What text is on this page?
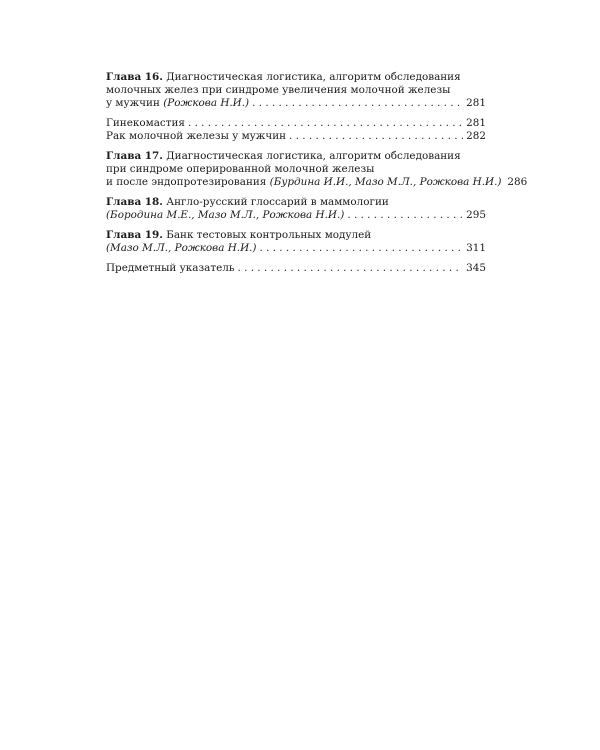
Глава 16. Диагностическая логистика, алгоритм обследования
молочных желез при синдроме увеличения молочной железы
у мужчин (Рожкова Н.И.) . . .	281
Гинекомастия . . .	281
Рак молочной железы у мужчин . . .	282
Глава 17. Диагностическая логистика, алгоритм обследования
при синдроме оперированной молочной железы
и после эндопротезирования (Бурдина И.И., Мазо М.Л., Рожкова Н.И.) 286
Глава 18. Англо-русский глоссарий в маммологии
(Бородина М.Е., Мазо М.Л., Рожкова Н.И.) . . .	295
Глава 19. Банк тестовых контрольных модулей
(Мазо М.Л., Рожкова Н.И.) . . .	311
Предметный указатель . . .	345
